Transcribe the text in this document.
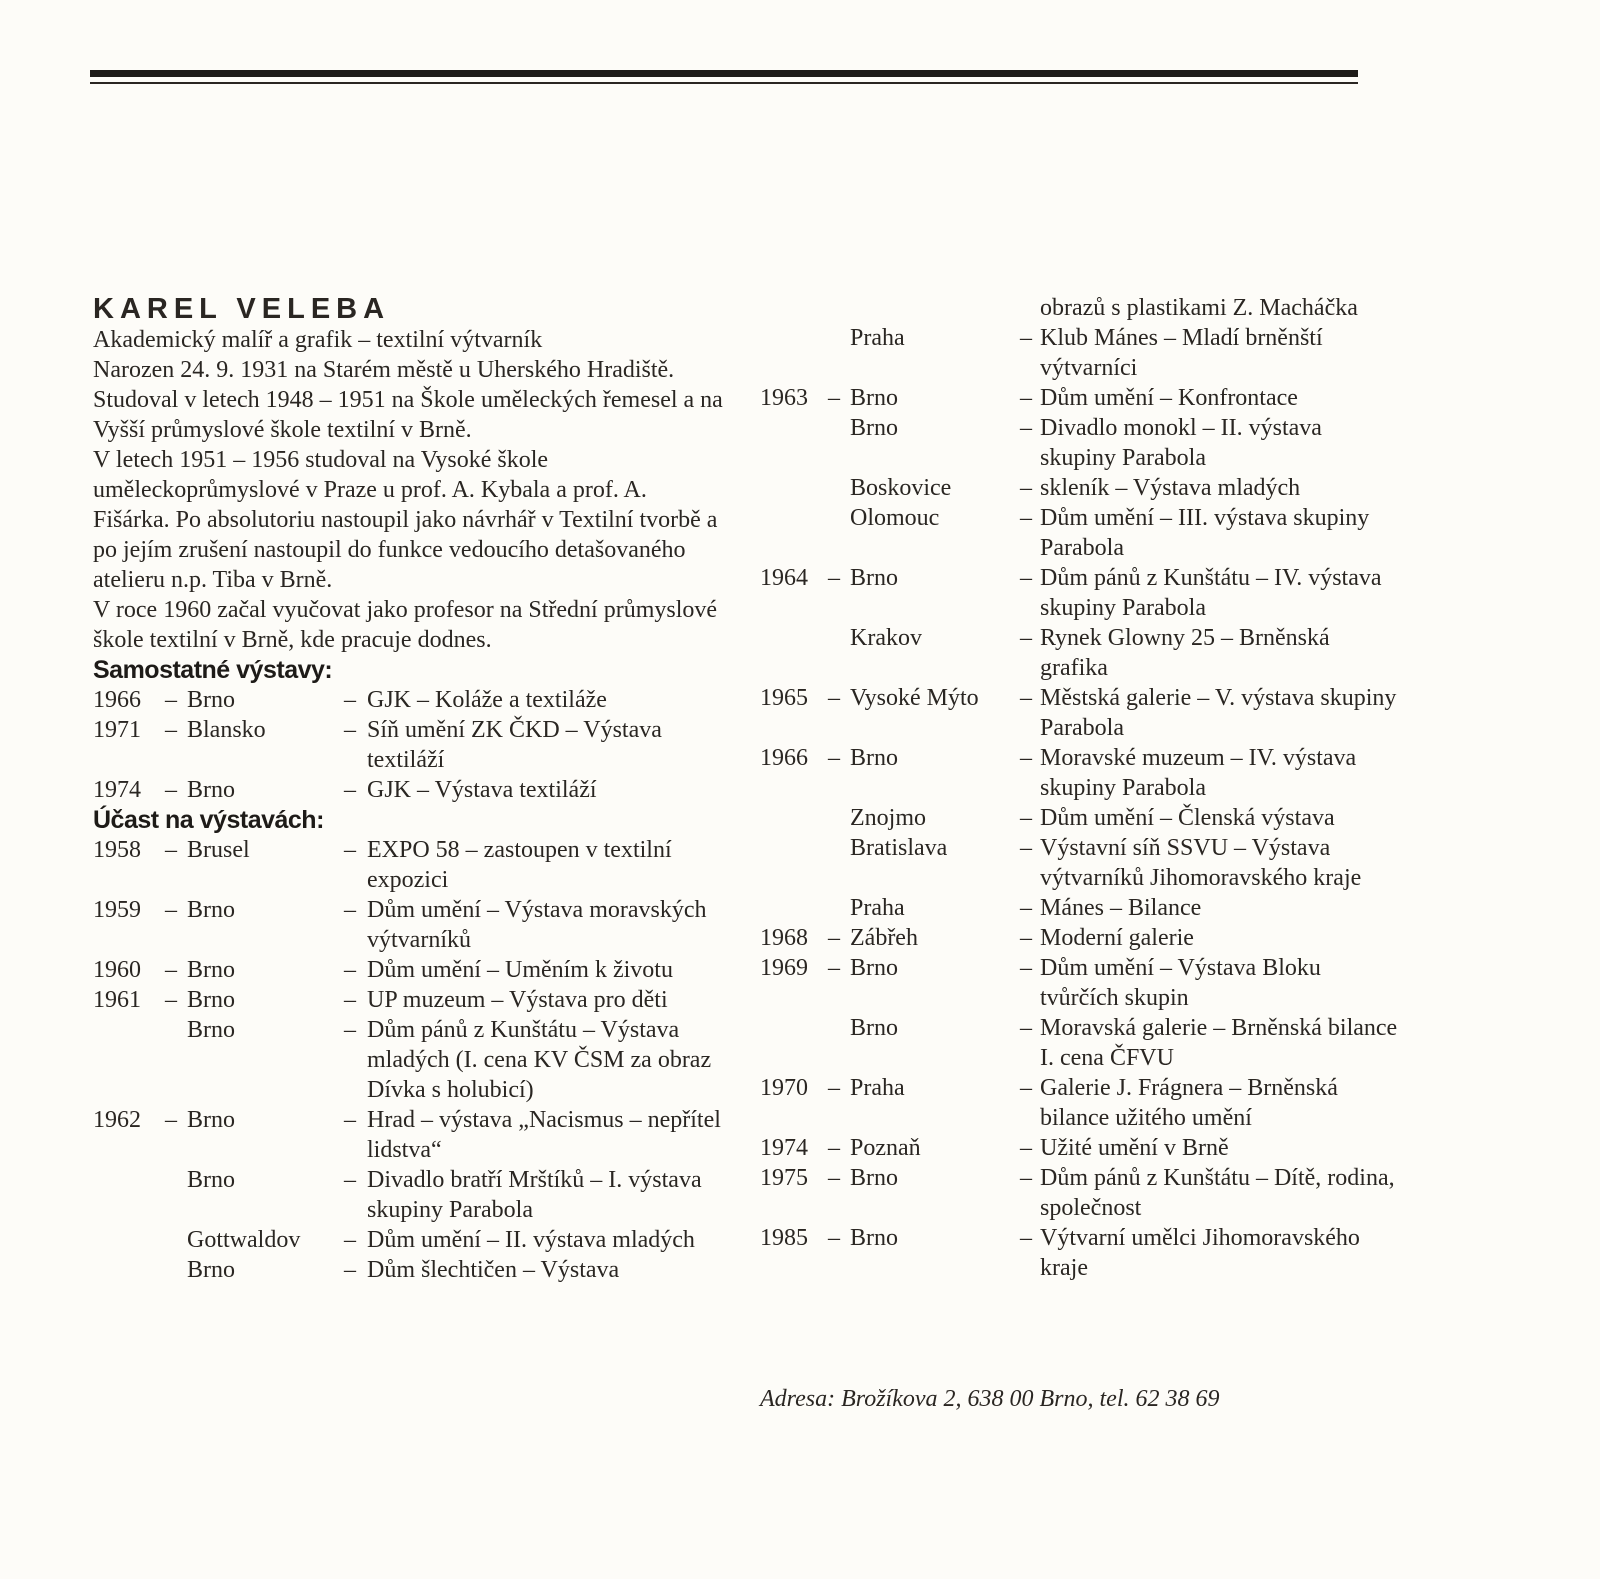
KAREL VELEBA

Akademický malíř a grafik – textilní výtvarník

Narozen 24. 9. 1931 na Starém městě u Uherského Hradiště. Studoval v letech 1948 – 1951 na Škole uměleckých řemesel a na Vyšší průmyslové škole textilní v Brně.

V letech 1951 – 1956 studoval na Vysoké škole uměleckoprůmyslové v Praze u prof. A. Kybala a prof. A. Fišárka. Po absolutoriu nastoupil jako návrhář v Textilní tvorbě a po jejím zrušení nastoupil do funkce vedoucího detašovaného atelieru n.p. Tiba v Brně.

V roce 1960 začal vyučovat jako profesor na Střední průmyslové škole textilní v Brně, kde pracuje dodnes.

Samostatné výstavy:
1966	– Brno	– GJK – Koláže a textiláže
1971	– Blansko	– Síň umění ZK ČKD – Výstava textiláží
1974	– Brno	– GJK – Výstava textiláží
Účast na výstavách:
1958	– Brusel	– EXPO 58 – zastoupen v textilní expozici
1959	– Brno	– Dům umění – Výstava moravských výtvarníků
1960	– Brno	– Dům umění – Uměním k životu
1961	– Brno	– UP muzeum – Výstava pro děti
Brno	– Dům pánů z Kunštátu – Výstava mladých (I. cena KV ČSM za obraz Dívka s holubicí)
1962	– Brno	– Hrad – výstava „Nacismus – nepřítel lidstva“
Brno	– Divadlo bratří Mrštíků – I. výstava skupiny Parabola
Gottwaldov	– Dům umění – II. výstava mladých
Brno	– Dům šlechtičen – Výstava
obrazů s plastikami Z. Macháčka
Praha	– Klub Mánes – Mladí brněnští výtvarníci
1963 – Brno	– Dům umění – Konfrontace
Brno	– Divadlo monokl – II. výstava skupiny Parabola
Boskovice	– skleník – Výstava mladých
Olomouc	– Dům umění – III. výstava skupiny Parabola
1964 – Brno	– Dům pánů z Kunštátu – IV. výstava skupiny Parabola
Krakov	– Rynek Glowny 25 – Brněnská grafika
1965 – Vysoké Mýto	– Městská galerie – V. výstava skupiny Parabola
1966 – Brno	– Moravské muzeum – IV. výstava skupiny Parabola
Znojmo	– Dům umění – Členská výstava
Bratislava	– Výstavní síň SSVU – Výstava výtvarníků Jihomoravského kraje
Praha	– Mánes – Bilance
1968 – Zábřeh	– Moderní galerie
1969 – Brno	– Dům umění – Výstava Bloku tvůrčích skupin
Brno	– Moravská galerie – Brněnská bilance I. cena ČFVU
1970 – Praha	– Galerie J. Frágnera – Brněnská bilance užitého umění
1974 – Poznaň	– Užité umění v Brně
1975 – Brno	– Dům pánů z Kunštátu – Dítě, rodina, společnost
1985 – Brno	– Výtvarní umělci Jihomoravského kraje
Adresa: Brožíkova 2, 638 00 Brno, tel. 62 38 69
